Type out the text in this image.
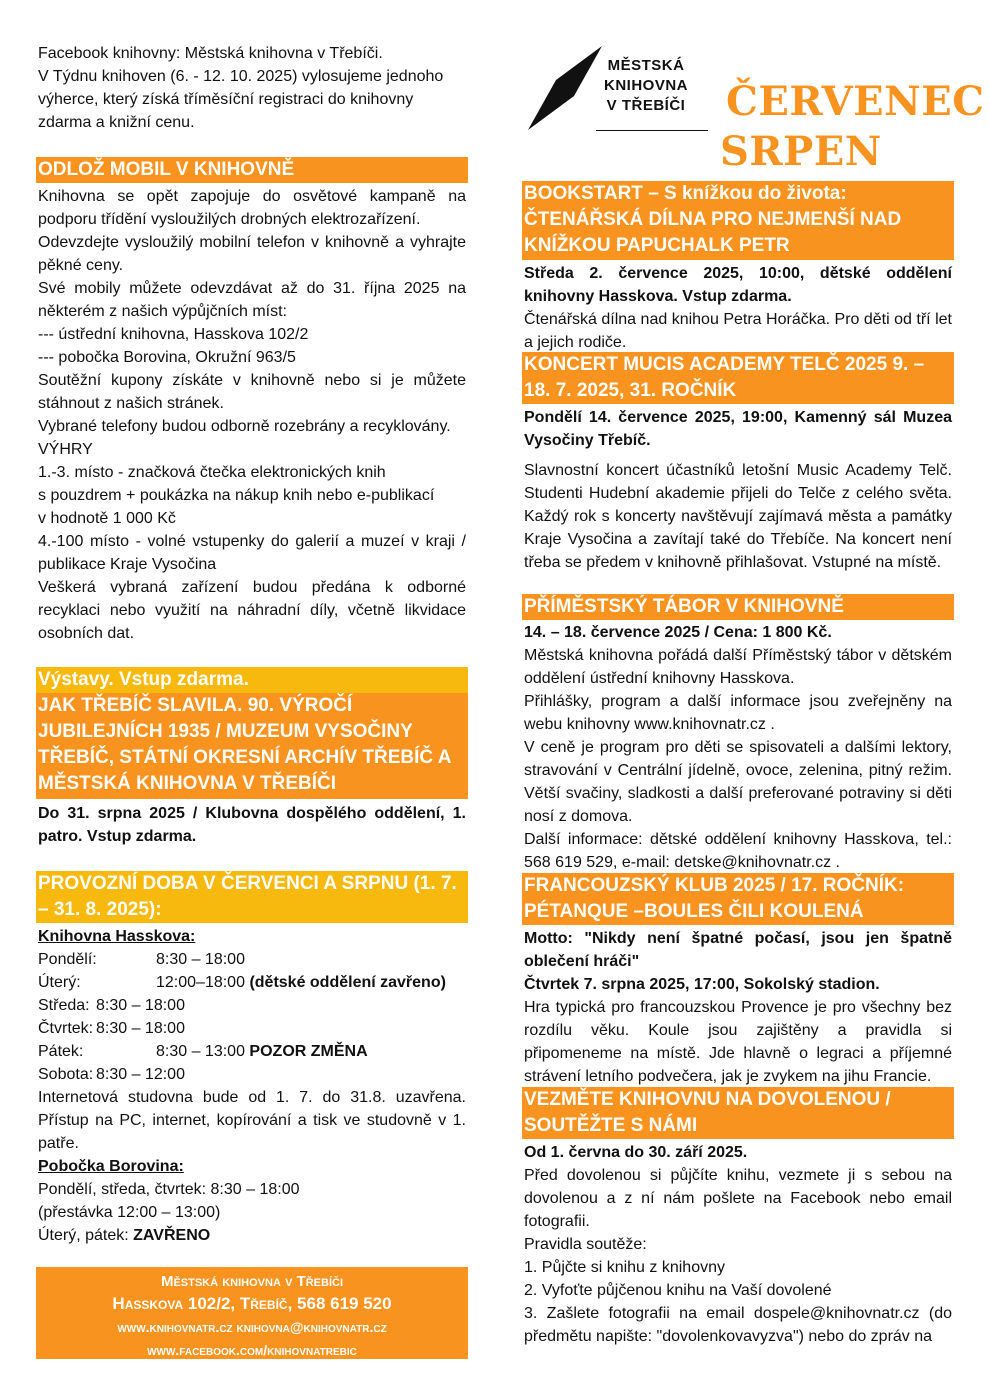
Facebook knihovny: Městská knihovna v Třebíči.
V Týdnu knihoven (6. - 12. 10. 2025) vylosujeme jednoho
výherce, který získá tříměsíční registraci do knihovny
zdarma a knižní cenu.
ODLOŽ MOBIL V KNIHOVNĚ
Knihovna se opět zapojuje do osvětové kampaně na podporu třídění vysloužilých drobných elektrozařízení.
Odevzdejte vysloužilý mobilní telefon v knihovně a vyhrajte pěkné ceny.
Své mobily můžete odevzdávat až do 31. října 2025 na některém z našich výpůjčních míst:
--- ústřední knihovna, Hasskova 102/2
--- pobočka Borovina, Okružní 963/5
Soutěžní kupony získáte v knihovně nebo si je můžete stáhnout z našich stránek.
Vybrané telefony budou odborně rozebrány a recyklovány.
VÝHRY
1.-3. místo - značková čtečka elektronických knih
s pouzdrem + poukázka na nákup knih nebo e-publikací
v hodnotě 1 000 Kč
4.-100 místo - volné vstupenky do galerií a muzeí v kraji / publikace Kraje Vysočina
Veškerá vybraná zařízení budou předána k odborné recyklaci nebo využití na náhradní díly, včetně likvidace osobních dat.
Výstavy. Vstup zdarma.
JAK TŘEBÍČ SLAVILA. 90. VÝROČÍ JUBILEJNÍCH 1935 / MUZEUM VYSOČINY TŘEBÍČ, STÁTNÍ OKRESNÍ ARCHÍV TŘEBÍČ A MĚSTSKÁ KNIHOVNA V TŘEBÍČI
Do 31. srpna 2025 / Klubovna dospělého oddělení, 1. patro. Vstup zdarma.
PROVOZNÍ DOBA V ČERVENCI A SRPNU (1. 7. – 31. 8. 2025):
Knihovna Hasskova:
Pondělí:	8:30 – 18:00
Úterý:	12:00–18:00 (dětské oddělení zavřeno)
Středa: 8:30 – 18:00
Čtvrtek: 8:30 – 18:00
Pátek:	8:30 – 13:00 POZOR ZMĚNA
Sobota: 8:30 – 12:00
Internetová studovna bude od 1. 7. do 31.8. uzavřena. Přístup na PC, internet, kopírování a tisk ve studovně v 1. patře.
Pobočka Borovina:
Pondělí, středa, čtvrtek: 8:30 – 18:00
(přestávka 12:00 – 13:00)
Úterý, pátek: ZAVŘENO
Městská knihovna v Třebíči
Hasskova 102/2, Třebíč, 568 619 520
www.knihovnatr.cz knihovna@knihovnatr.cz
www.facebook.com/knihovnatrebic
MĚSTSKÁ
KNIHOVNA
V TŘEBÍČI ČERVENEC
SRPEN
BOOKSTART – S knížkou do života: ČTENÁŘSKÁ DÍLNA PRO NEJMENŠÍ NAD KNÍŽKOU PAPUCHALK PETR
Středa 2. července 2025, 10:00, dětské oddělení knihovny Hasskova. Vstup zdarma.
Čtenářská dílna nad knihou Petra Horáčka. Pro děti od tří let a jejich rodiče.
KONCERT MUCIS ACADEMY TELČ 2025 9. – 18. 7. 2025, 31. ROČNÍK
Pondělí 14. července 2025, 19:00, Kamenný sál Muzea Vysočiny Třebíč.
Slavnostní koncert účastníků letošní Music Academy Telč. Studenti Hudební akademie přijeli do Telče z celého světa. Každý rok s koncerty navštěvují zajímavá města a památky Kraje Vysočina a zavítají také do Třebíče. Na koncert není třeba se předem v knihovně přihlašovat. Vstupné na místě.
PŘÍMĚSTSKÝ TÁBOR V KNIHOVNĚ
14. – 18. července 2025 / Cena: 1 800 Kč.
Městská knihovna pořádá další Příměstský tábor v dětském oddělení ústřední knihovny Hasskova.
Přihlášky, program a další informace jsou zveřejněny na webu knihovny www.knihovnatr.cz .
V ceně je program pro děti se spisovateli a dalšími lektory, stravování v Centrální jídelně, ovoce, zelenina, pitný režim. Větší svačiny, sladkosti a další preferované potraviny si děti nosí z domova.
Další informace: dětské oddělení knihovny Hasskova, tel.: 568 619 529, e-mail: detske@knihovnatr.cz .
FRANCOUZSKÝ KLUB 2025 / 17. ROČNÍK: PÉTANQUE –BOULES ČILI KOULENÁ
Motto: "Nikdy není špatné počasí, jsou jen špatně oblečení hráči"
Čtvrtek 7. srpna 2025, 17:00, Sokolský stadion.
Hra typická pro francouzskou Provence je pro všechny bez rozdílu věku. Koule jsou zajištěny a pravidla si připomeneme na místě. Jde hlavně o legraci a příjemné strávení letního podvečera, jak je zvykem na jihu Francie.
VEZMĚTE KNIHOVNU NA DOVOLENOU / SOUTĚŽTE S NÁMI
Od 1. června do 30. září 2025.
Před dovolenou si půjčíte knihu, vezmete ji s sebou na dovolenou a z ní nám pošlete na Facebook nebo email fotografii.
Pravidla soutěže:
1. Půjčte si knihu z knihovny
2. Vyfoťte půjčenou knihu na Vaší dovolené
3. Zašlete fotografii na email dospele@knihovnatr.cz (do předmětu napište: "dovolenkovavyzva") nebo do zpráv na
